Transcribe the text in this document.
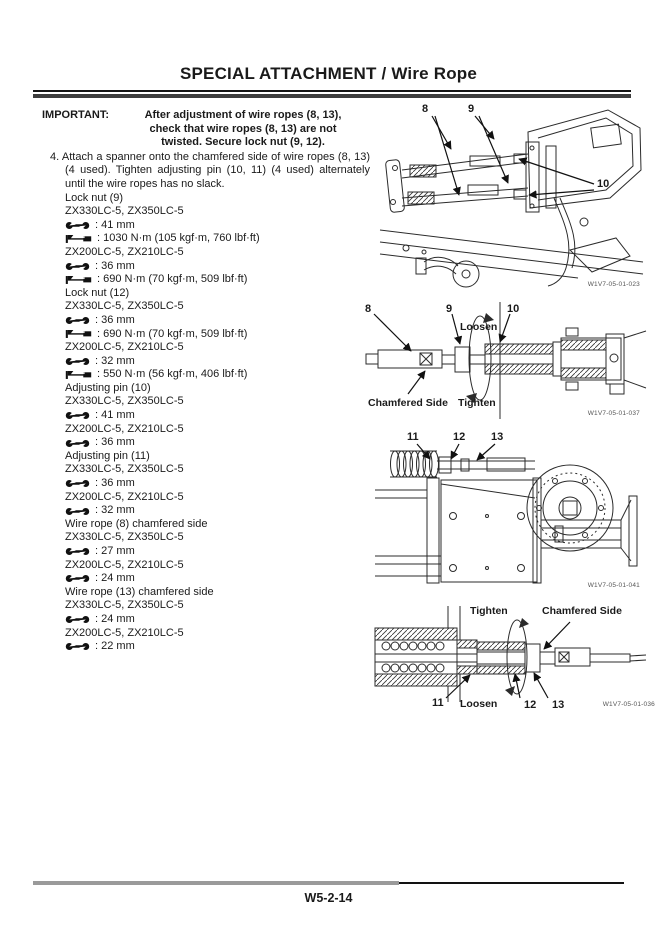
SPECIAL ATTACHMENT / Wire Rope
IMPORTANT:	After adjustment of wire ropes (8, 13),
check that wire ropes (8, 13) are not
twisted. Secure lock nut (9, 12).
4. Attach a spanner onto the chamfered side of wire ropes (8, 13) (4 used). Tighten adjusting pin (10, 11) (4 used) alternately until the wire ropes has no slack.
Lock nut (9)
ZX330LC-5, ZX350LC-5
: 41 mm
: 1030 N·m (105 kgf·m, 760 lbf·ft)
ZX200LC-5, ZX210LC-5
: 36 mm
: 690 N·m (70 kgf·m, 509 lbf·ft)
Lock nut (12)
ZX330LC-5, ZX350LC-5
: 36 mm
: 690 N·m (70 kgf·m, 509 lbf·ft)
ZX200LC-5, ZX210LC-5
: 32 mm
: 550 N·m (56 kgf·m, 406 lbf·ft)
Adjusting pin (10)
ZX330LC-5, ZX350LC-5
: 41 mm
ZX200LC-5, ZX210LC-5
: 36 mm
Adjusting pin (11)
ZX330LC-5, ZX350LC-5
: 36 mm
ZX200LC-5, ZX210LC-5
: 32 mm
Wire rope (8) chamfered side
ZX330LC-5, ZX350LC-5
: 27 mm
ZX200LC-5, ZX210LC-5
: 24 mm
Wire rope (13) chamfered side
ZX330LC-5, ZX350LC-5
: 24 mm
ZX200LC-5, ZX210LC-5
: 22 mm
8	9
10
W1V7-05-01-023
8	9	10
Loosen
Tighten
Chamfered Side
W1V7-05-01-037
11	12 13
W1V7-05-01-041
Tighten	Chamfered Side
11 Loosen 12 13	W1V7-05-01-036
W5-2-14
